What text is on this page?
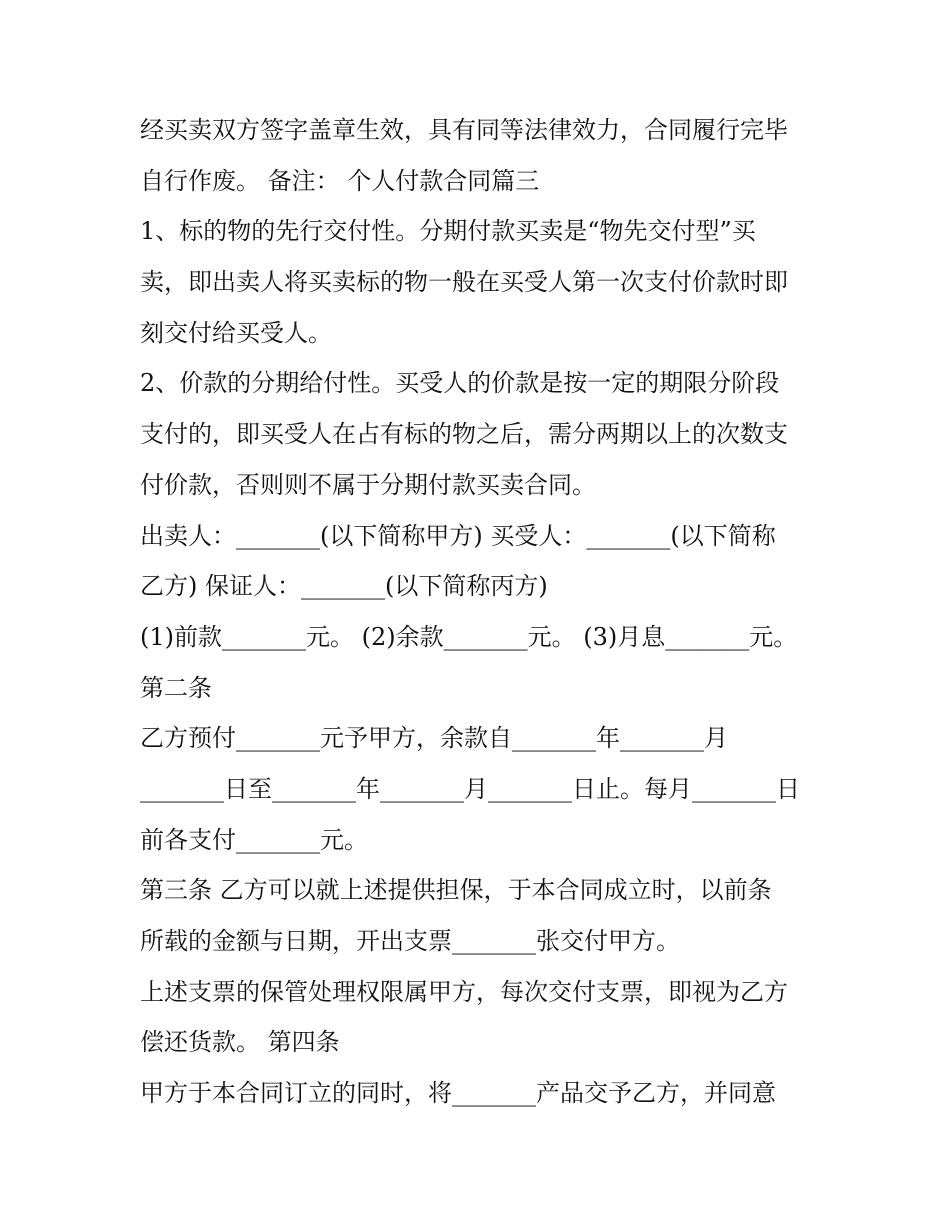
经买卖双方签字盖章生效，具有同等法律效力，合同履行完毕
自行作废。 备注： 个人付款合同篇三
1、标的物的先行交付性。分期付款买卖是“物先交付型”买
卖，即出卖人将买卖标的物一般在买受人第一次支付价款时即
刻交付给买受人。
2、价款的分期给付性。买受人的价款是按一定的期限分阶段
支付的，即买受人在占有标的物之后，需分两期以上的次数支
付价款，否则则不属于分期付款买卖合同。
出卖人：_______(以下简称甲方) 买受人：_______(以下简称
乙方) 保证人：_______(以下简称丙方)
(1)前款_______元。 (2)余款_______元。 (3)月息_______元。
第二条
乙方预付_______元予甲方，余款自_______年_______月
_______日至_______年_______月_______日止。每月_______日
前各支付_______元。
第三条 乙方可以就上述提供担保，于本合同成立时，以前条
所载的金额与日期，开出支票_______张交付甲方。
上述支票的保管处理权限属甲方，每次交付支票，即视为乙方
偿还货款。 第四条
甲方于本合同订立的同时，将_______产品交予乙方，并同意
